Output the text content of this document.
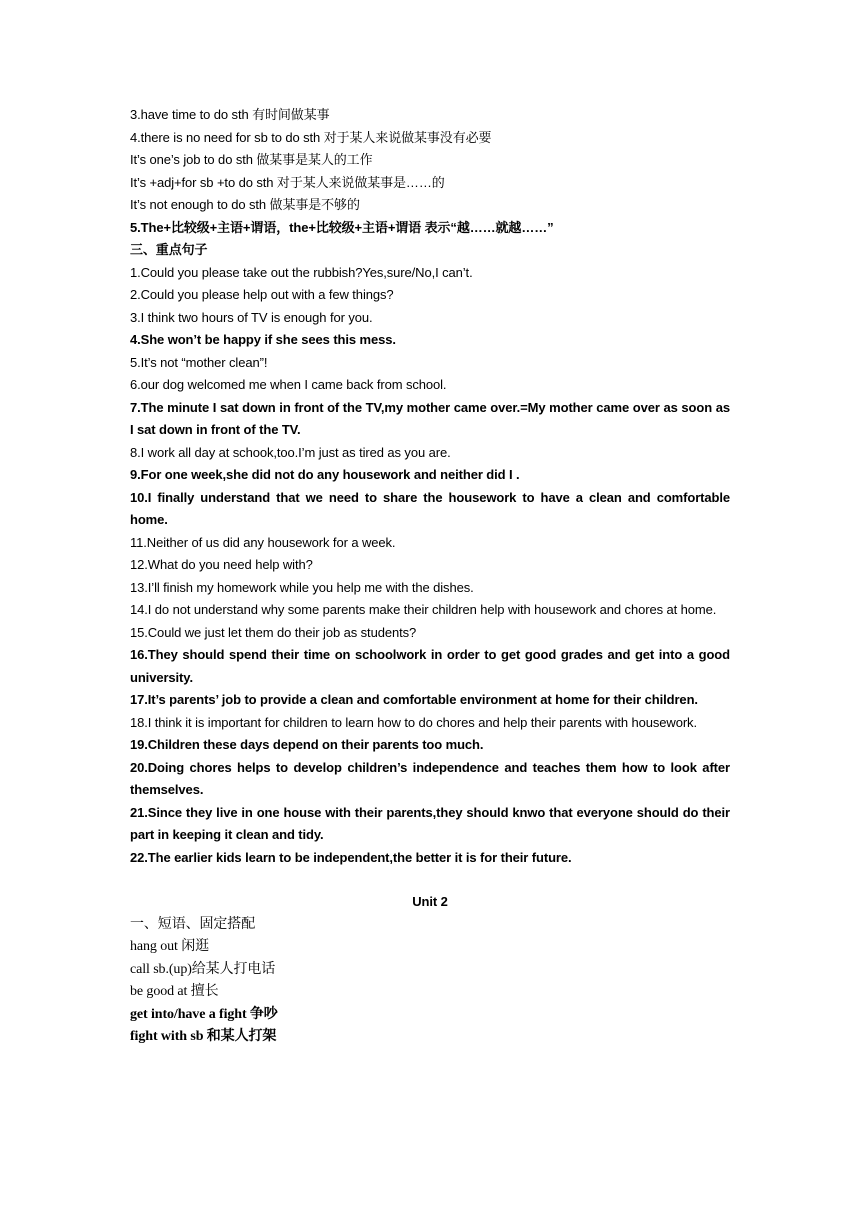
3.have time to do sth 有时间做某事

4.there is no need for sb to do sth 对于某人来说做某事没有必要

It’s one’s job to do sth 做某事是某人的工作

It’s +adj+for sb +to do sth 对于某人来说做某事是……的

It’s not enough to do sth 做某事是不够的

5.The+比较级+主语+谓语，the+比较级+主语+谓语 表示“越……就越……”

三、重点句子

1.Could you please take out the rubbish?Yes,sure/No,I can’t.

2.Could you please help out with a few things?

3.I think two hours of TV is enough for you.

4.She won’t be happy if she sees this mess.

5.It’s not “mother clean”!

6.our dog welcomed me when I came back from school.

7.The minute I sat down in front of the TV,my mother came over.=My mother came over as soon as I sat down in front of the TV.

8.I work all day at schook,too.I’m just as tired as you are.

9.For one week,she did not do any housework and neither did I .

10.I finally understand that we need to share the housework to have a clean and comfortable home.

11.Neither of us did any housework for a week.

12.What do you need help with?

13.I’ll finish my homework while you help me with the dishes.

14.I do not understand why some parents make their children help with housework and chores at home.

15.Could we just let them do their job as students?

16.They should spend their time on schoolwork in order to get good grades and get into a good university.

17.It’s parents’ job to provide a clean and comfortable environment at home for their children.

18.I think it is important for children to learn how to do chores and help their parents with housework.

19.Children these days depend on their parents too much.

20.Doing chores helps to develop children’s independence and teaches them how to look after themselves.

21.Since they live in one house with their parents,they should knwo that everyone should do their part in keeping it clean and tidy.

22.The earlier kids learn to be independent,the better it is for their future.

Unit 2

一、短语、固定搭配

hang out 闲逛

call sb.(up)给某人打电话

be good at 擅长

get into/have a fight 争吵

fight with sb 和某人打架
